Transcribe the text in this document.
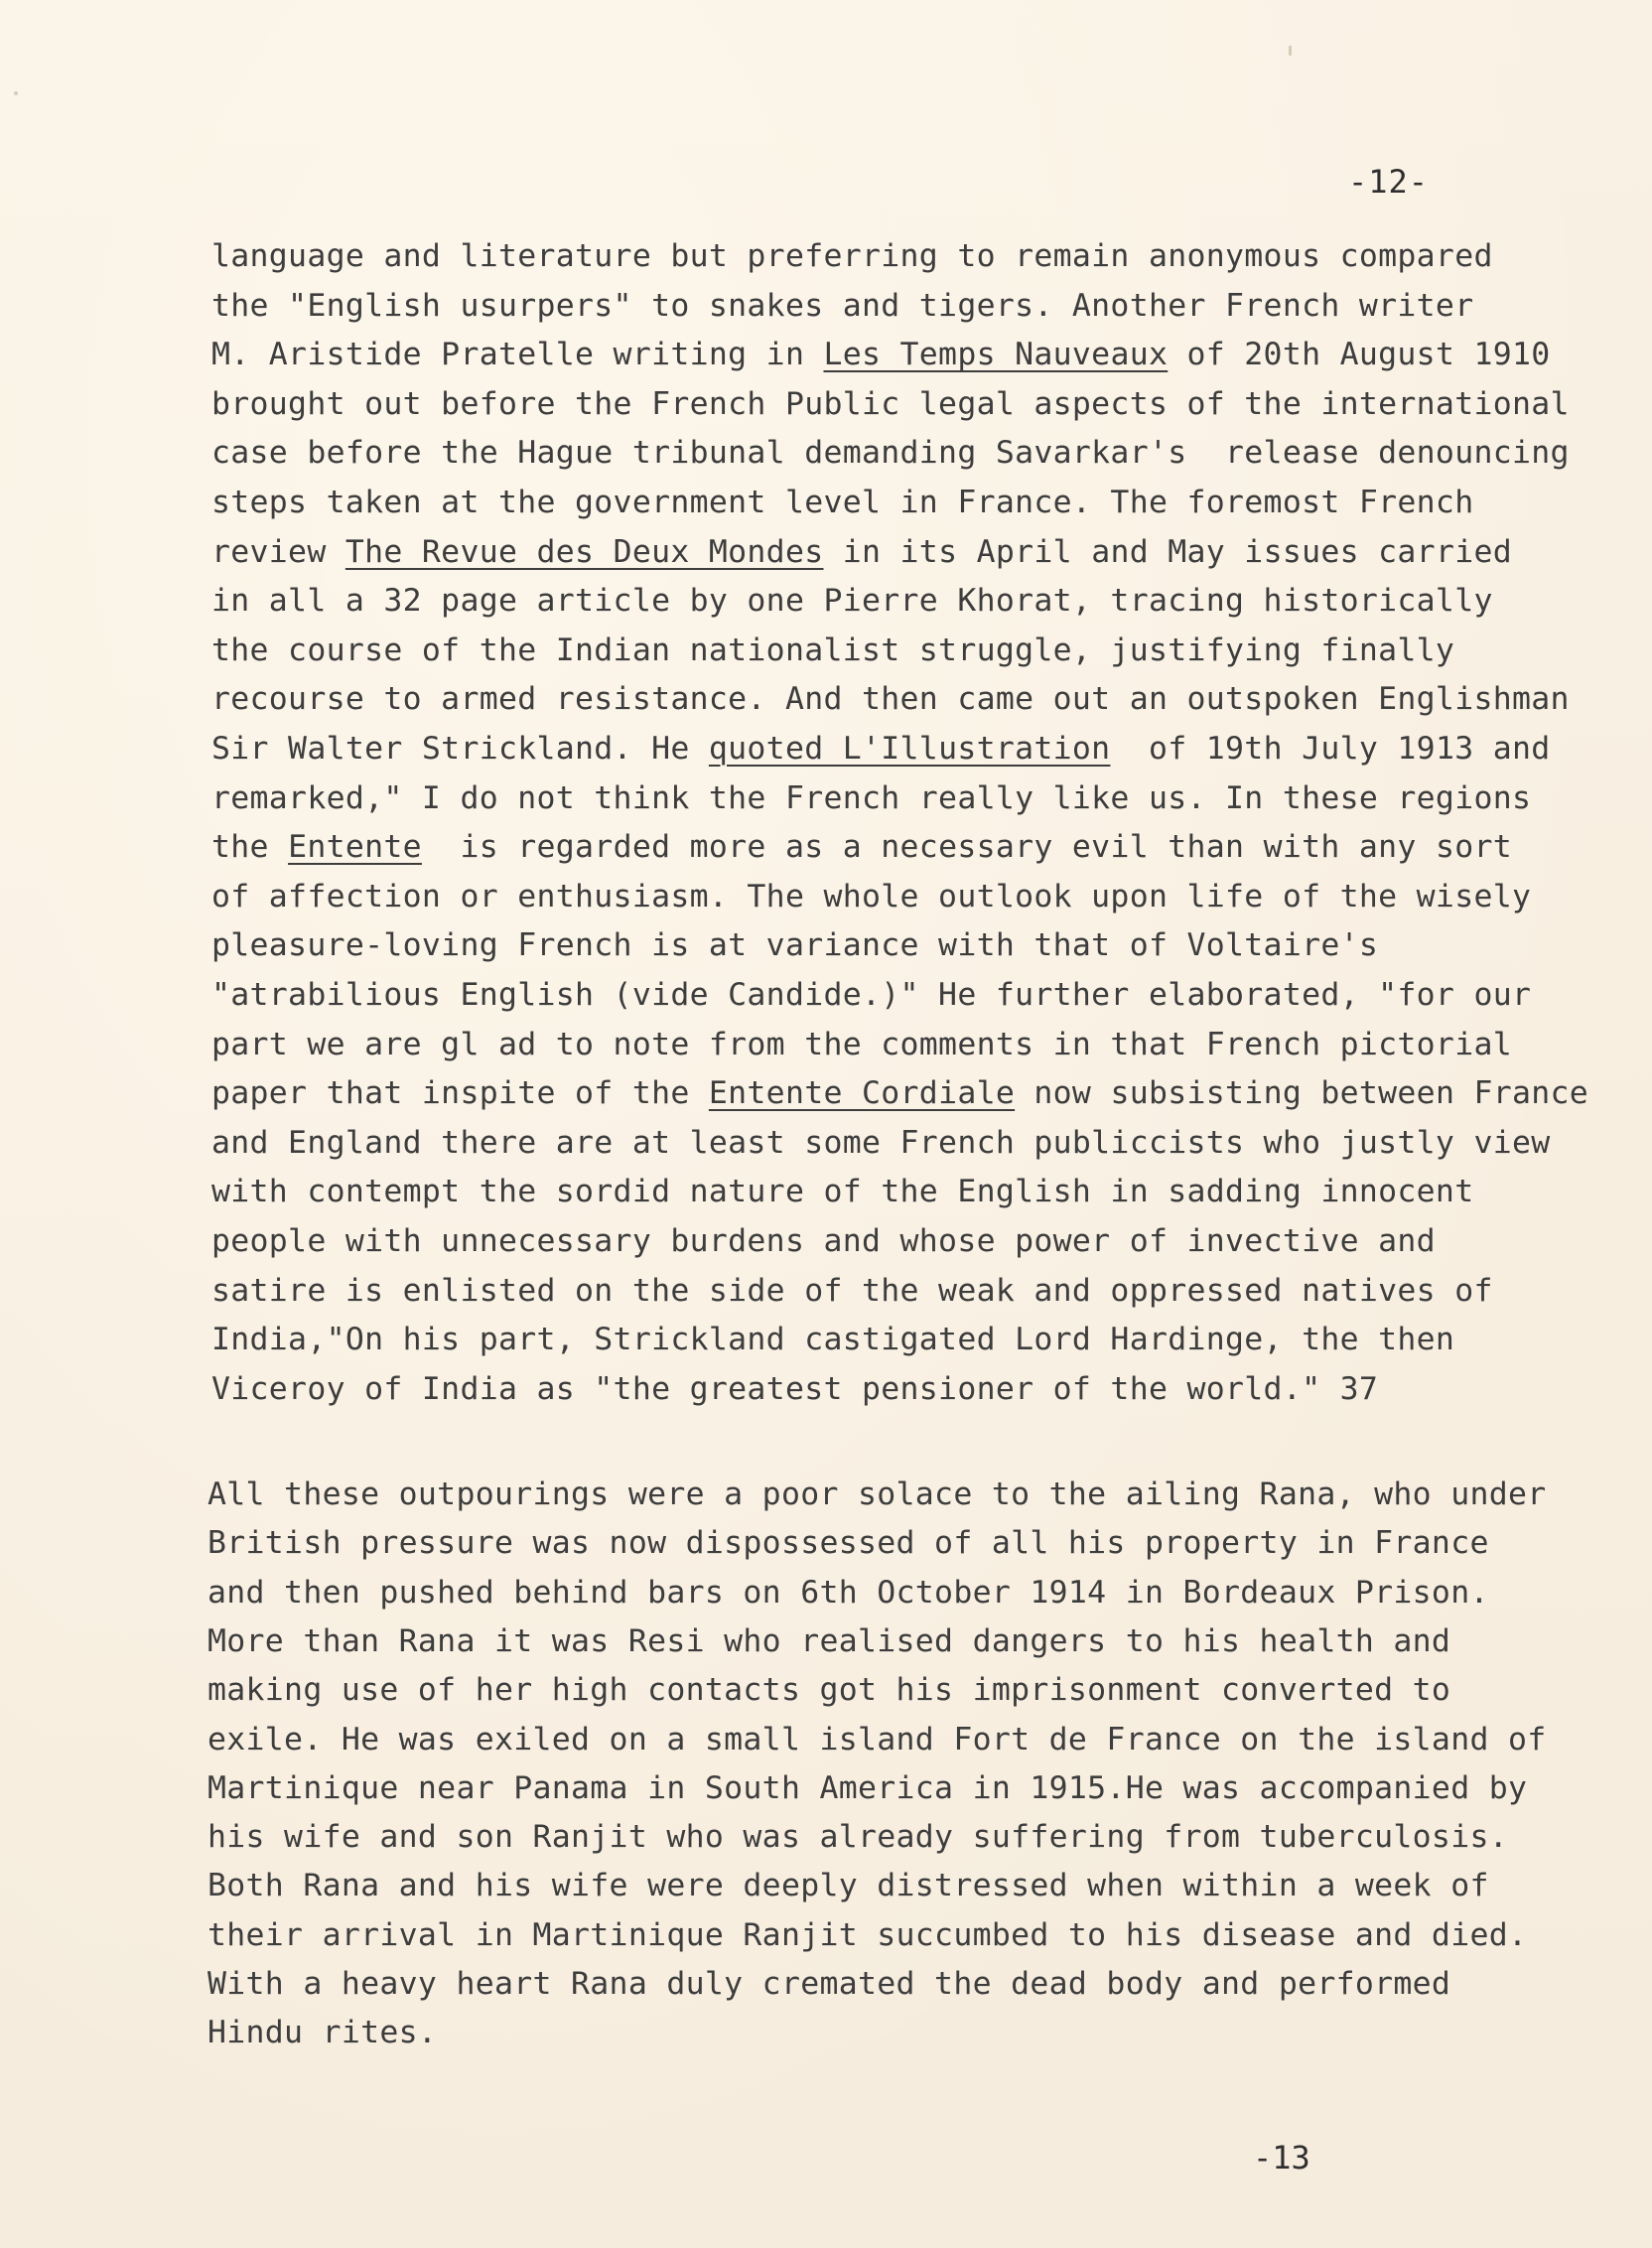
-12-
language and literature but preferring to remain anonymous compared
the "English usurpers" to snakes and tigers. Another French writer
M. Aristide Pratelle writing in Les Temps Nauveaux of 20th August 1910
brought out before the French Public legal aspects of the international
case before the Hague tribunal demanding Savarkar's  release denouncing
steps taken at the government level in France. The foremost French
review The Revue des Deux Mondes in its April and May issues carried
in all a 32 page article by one Pierre Khorat, tracing historically
the course of the Indian nationalist struggle, justifying finally
recourse to armed resistance. And then came out an outspoken Englishman
Sir Walter Strickland. He quoted L'Illustration  of 19th July 1913 and
remarked," I do not think the French really like us. In these regions
the Entente  is regarded more as a necessary evil than with any sort
of affection or enthusiasm. The whole outlook upon life of the wisely
pleasure-loving French is at variance with that of Voltaire's
"atrabilious English (vide Candide.)" He further elaborated, "for our
part we are gl ad to note from the comments in that French pictorial
paper that inspite of the Entente Cordiale now subsisting between France
and England there are at least some French publiccists who justly view
with contempt the sordid nature of the English in sadding innocent
people with unnecessary burdens and whose power of invective and
satire is enlisted on the side of the weak and oppressed natives of
India,"On his part, Strickland castigated Lord Hardinge, the then
Viceroy of India as "the greatest pensioner of the world." 37
All these outpourings were a poor solace to the ailing Rana, who under
British pressure was now dispossessed of all his property in France
and then pushed behind bars on 6th October 1914 in Bordeaux Prison.
More than Rana it was Resi who realised dangers to his health and
making use of her high contacts got his imprisonment converted to
exile. He was exiled on a small island Fort de France on the island of
Martinique near Panama in South America in 1915.He was accompanied by
his wife and son Ranjit who was already suffering from tuberculosis.
Both Rana and his wife were deeply distressed when within a week of
their arrival in Martinique Ranjit succumbed to his disease and died.
With a heavy heart Rana duly cremated the dead body and performed
Hindu rites.
-13
